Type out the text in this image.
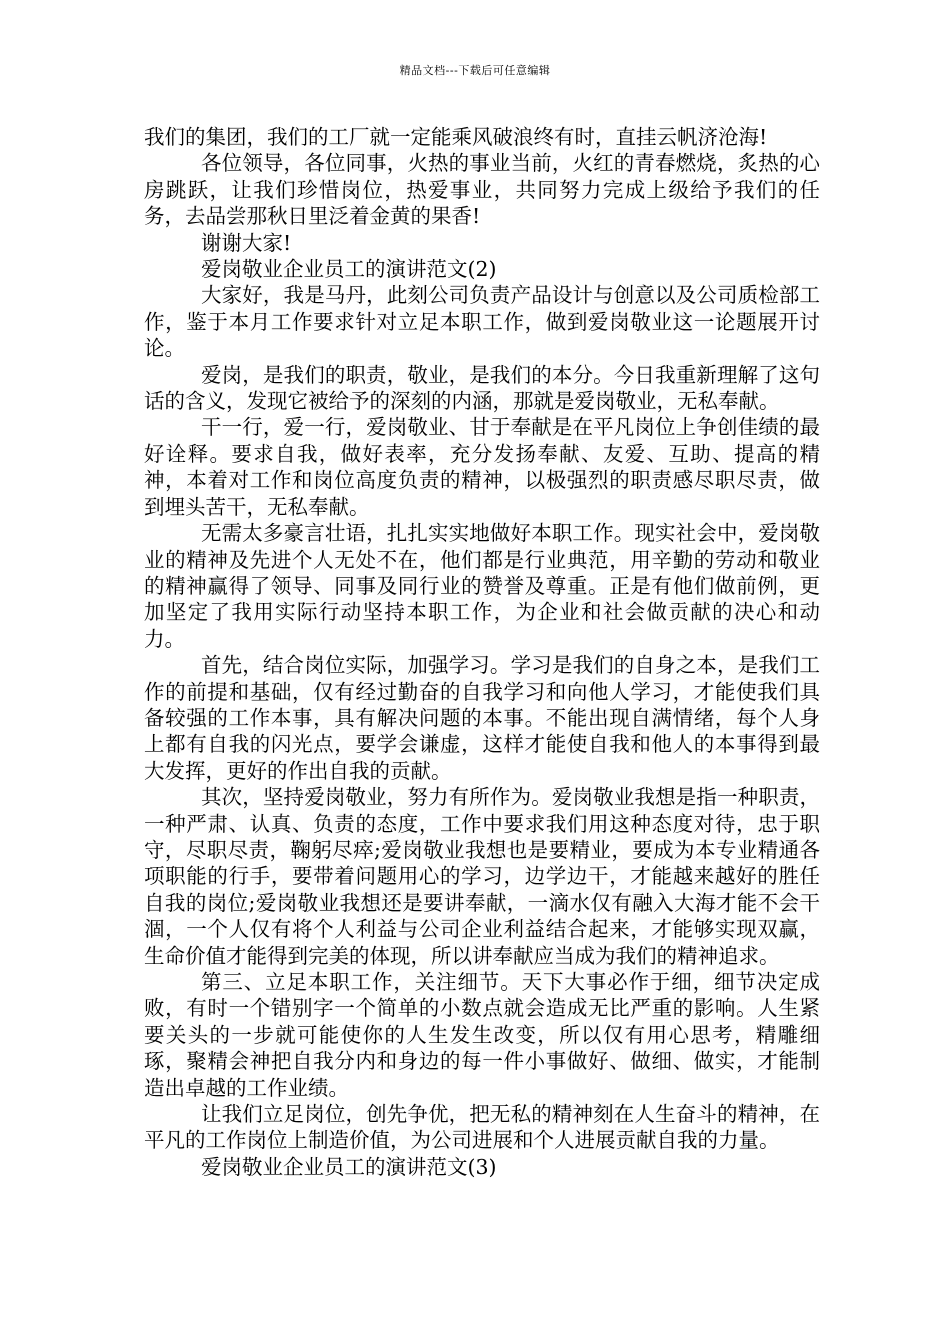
精品文档---下载后可任意编辑

我们的集团，我们的工厂就一定能乘风破浪终有时，直挂云帆济沧海!

各位领导，各位同事，火热的事业当前，火红的青春燃烧，炙热的心房跳跃，让我们珍惜岗位，热爱事业，共同努力完成上级给予我们的任务，去品尝那秋日里泛着金黄的果香!

谢谢大家!

爱岗敬业企业员工的演讲范文(2)

大家好，我是马丹，此刻公司负责产品设计与创意以及公司质检部工作，鉴于本月工作要求针对立足本职工作，做到爱岗敬业这一论题展开讨论。

爱岗，是我们的职责，敬业，是我们的本分。今日我重新理解了这句话的含义，发现它被给予的深刻的内涵，那就是爱岗敬业，无私奉献。

干一行，爱一行，爱岗敬业、甘于奉献是在平凡岗位上争创佳绩的最好诠释。要求自我，做好表率，充分发扬奉献、友爱、互助、提高的精神，本着对工作和岗位高度负责的精神，以极强烈的职责感尽职尽责，做到埋头苦干，无私奉献。

无需太多豪言壮语，扎扎实实地做好本职工作。现实社会中，爱岗敬业的精神及先进个人无处不在，他们都是行业典范，用辛勤的劳动和敬业的精神赢得了领导、同事及同行业的赞誉及尊重。正是有他们做前例，更加坚定了我用实际行动坚持本职工作，为企业和社会做贡献的决心和动力。

首先，结合岗位实际，加强学习。学习是我们的自身之本，是我们工作的前提和基础，仅有经过勤奋的自我学习和向他人学习，才能使我们具备较强的工作本事，具有解决问题的本事。不能出现自满情绪，每个人身上都有自我的闪光点，要学会谦虚，这样才能使自我和他人的本事得到最大发挥，更好的作出自我的贡献。

其次，坚持爱岗敬业，努力有所作为。爱岗敬业我想是指一种职责，一种严肃、认真、负责的态度，工作中要求我们用这种态度对待，忠于职守，尽职尽责，鞠躬尽瘁;爱岗敬业我想也是要精业，要成为本专业精通各项职能的行手，要带着问题用心的学习，边学边干，才能越来越好的胜任自我的岗位;爱岗敬业我想还是要讲奉献，一滴水仅有融入大海才能不会干涸，一个人仅有将个人利益与公司企业利益结合起来，才能够实现双赢，生命价值才能得到完美的体现，所以讲奉献应当成为我们的精神追求。

第三、立足本职工作，关注细节。天下大事必作于细，细节决定成败，有时一个错别字一个简单的小数点就会造成无比严重的影响。人生紧要关头的一步就可能使你的人生发生改变，所以仅有用心思考，精雕细琢，聚精会神把自我分内和身边的每一件小事做好、做细、做实，才能制造出卓越的工作业绩。

让我们立足岗位，创先争优，把无私的精神刻在人生奋斗的精神，在平凡的工作岗位上制造价值，为公司进展和个人进展贡献自我的力量。

爱岗敬业企业员工的演讲范文(3)
